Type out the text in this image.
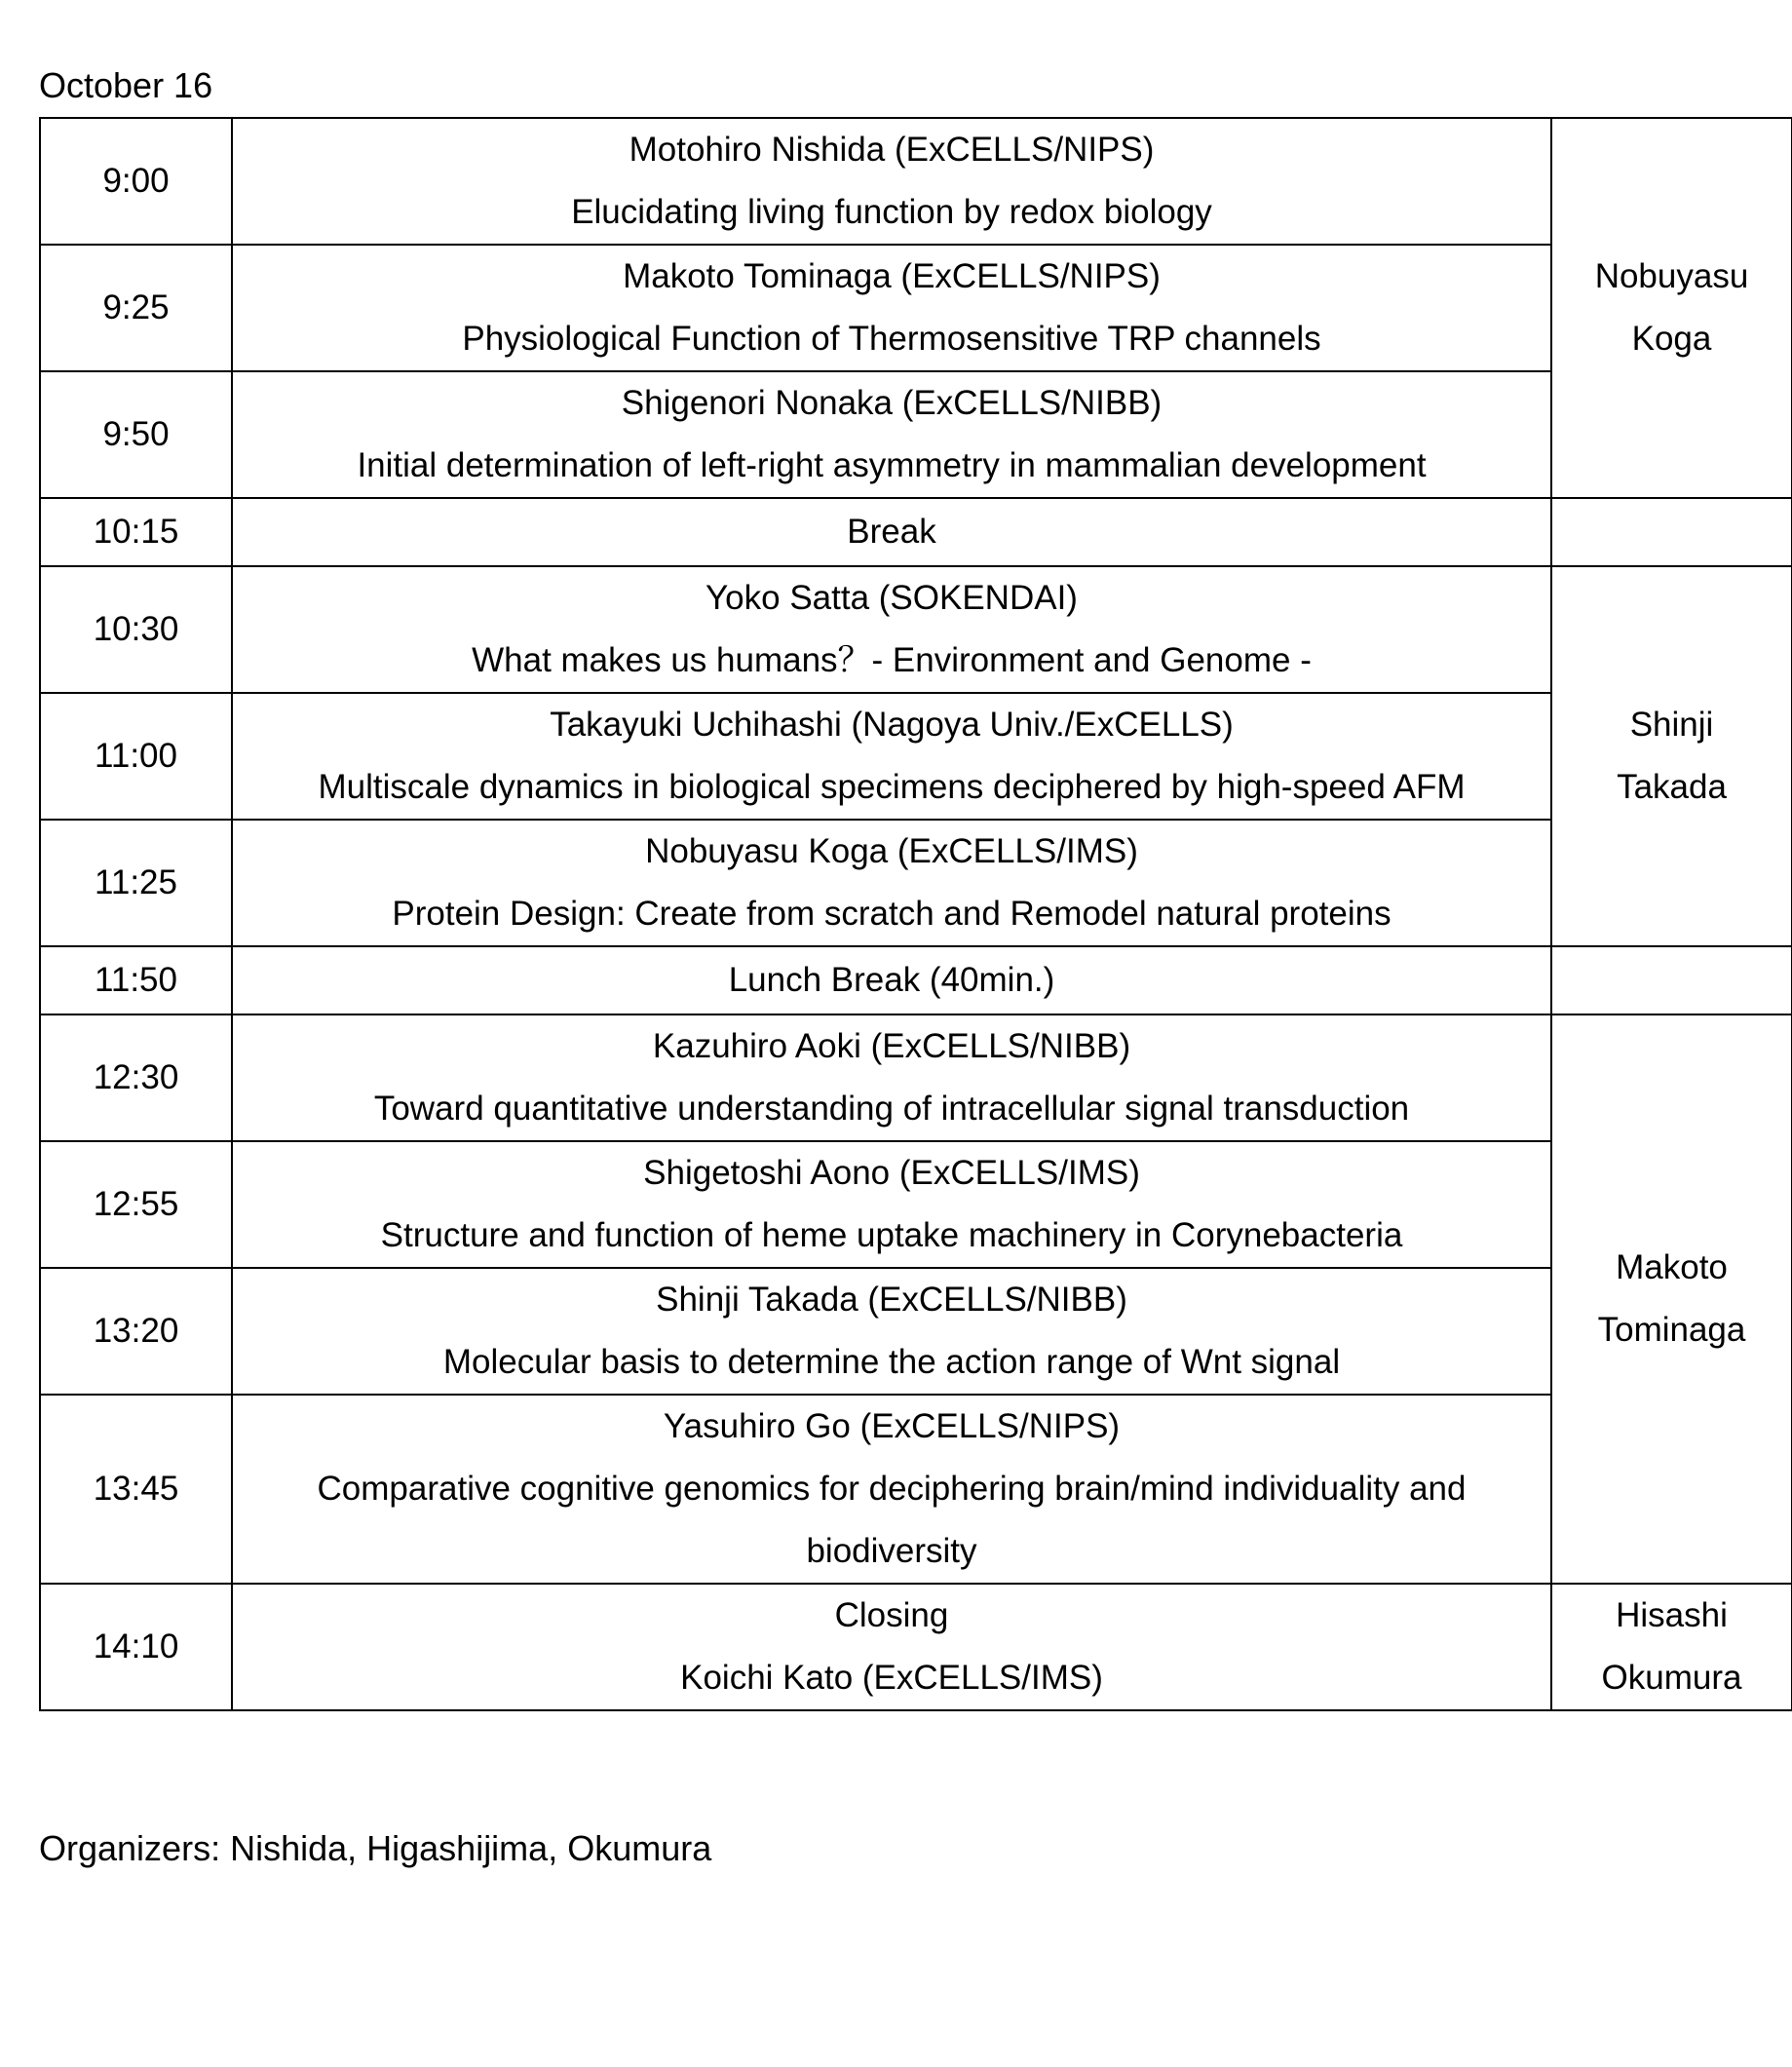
October 16
9:00	Motohiro Nishida (ExCELLS/NIPS)
Elucidating living function by redox biology	Nobuyasu
Koga

9:25	Makoto Tominaga (ExCELLS/NIPS)
Physiological Function of Thermosensitive TRP channels	

9:50	Shigenori Nonaka (ExCELLS/NIBB)
Initial determination of left-right asymmetry in mammalian development	

10:15	Break	
10:30	Yoko Satta (SOKENDAI)
What makes us humans？- Environment and Genome -	Shinji
Takada

11:00	Takayuki Uchihashi (Nagoya Univ./ExCELLS)
Multiscale dynamics in biological specimens deciphered by high-speed AFM	

11:25	Nobuyasu Koga (ExCELLS/IMS)
Protein Design: Create from scratch and Remodel natural proteins	

11:50	Lunch Break (40min.)	
12:30	Kazuhiro Aoki (ExCELLS/NIBB)
Toward quantitative understanding of intracellular signal transduction	Makoto
Tominaga

12:55	Shigetoshi Aono (ExCELLS/IMS)
Structure and function of heme uptake machinery in Corynebacteria	

13:20	Shinji Takada (ExCELLS/NIBB)
Molecular basis to determine the action range of Wnt signal	

13:45	Yasuhiro Go (ExCELLS/NIPS)
Comparative cognitive genomics for deciphering brain/mind individuality and
biodiversity	

14:10	Closing
Koichi Kato (ExCELLS/IMS)	Hisashi
Okumura
Organizers: Nishida, Higashijima, Okumura
